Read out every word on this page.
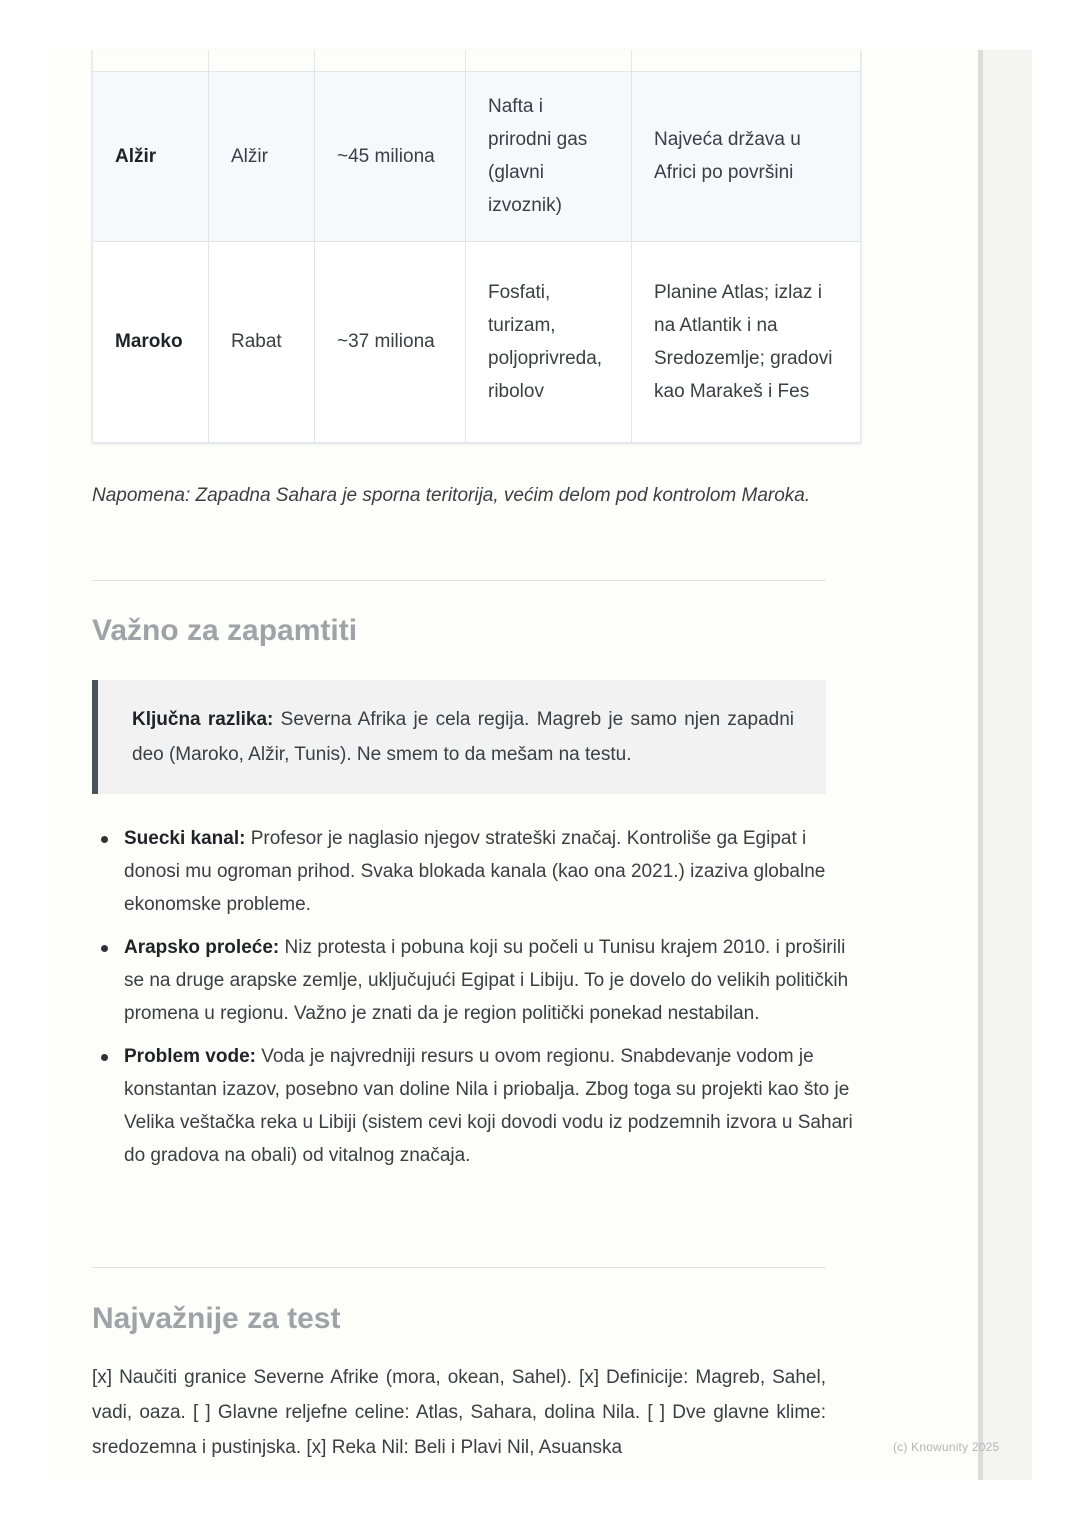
Alžir	Alžir	~45 miliona	Nafta i prirodni gas (glavni izvoznik)	Najveća država u Africi po površini
Maroko	Rabat	~37 miliona	Fosfati, turizam, poljoprivreda, ribolov	Planine Atlas; izlaz i na Atlantik i na Sredozemlje; gradovi kao Marakeš i Fes
Napomena: Zapadna Sahara je sporna teritorija, većim delom pod kontrolom Maroka.
Važno za zapamtiti
Ključna razlika: Severna Afrika je cela regija. Magreb je samo njen zapadni deo (Maroko, Alžir, Tunis). Ne smem to da mešam na testu.
Suecki kanal: Profesor je naglasio njegov strateški značaj. Kontroliše ga Egipat i donosi mu ogroman prihod. Svaka blokada kanala (kao ona 2021.) izaziva globalne ekonomske probleme.
Arapsko proleće: Niz protesta i pobuna koji su počeli u Tunisu krajem 2010. i proširili se na druge arapske zemlje, uključujući Egipat i Libiju. To je dovelo do velikih političkih promena u regionu. Važno je znati da je region politički ponekad nestabilan.
Problem vode: Voda je najvredniji resurs u ovom regionu. Snabdevanje vodom je konstantan izazov, posebno van doline Nila i priobalja. Zbog toga su projekti kao što je Velika veštačka reka u Libiji (sistem cevi koji dovodi vodu iz podzemnih izvora u Sahari do gradova na obali) od vitalnog značaja.
Najvažnije za test
[x] Naučiti granice Severne Afrike (mora, okean, Sahel). [x] Definicije: Magreb, Sahel, vadi, oaza. [ ] Glavne reljefne celine: Atlas, Sahara, dolina Nila. [ ] Dve glavne klime: sredozemna i pustinjska. [x] Reka Nil: Beli i Plavi Nil, Asuanska	(c) Knowunity 2025
